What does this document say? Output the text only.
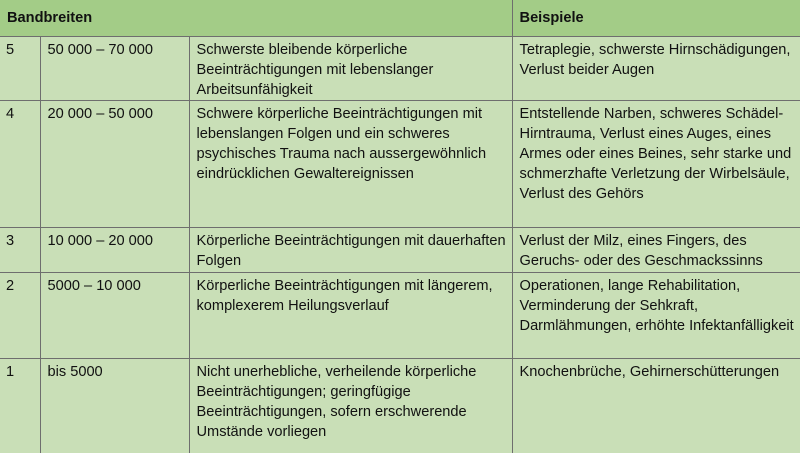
Bandbreiten			Beispiele
5	50 000 – 70 000	Schwerste bleibende körperliche Beeinträchtigungen mit lebenslanger Arbeitsunfähigkeit	Tetraplegie, schwerste Hirnschädigungen, Verlust beider Augen
4	20 000 – 50 000	Schwere körperliche Beeinträchtigungen mit lebenslangen Folgen und ein schweres psychisches Trauma nach aussergewöhnlich eindrücklichen Gewaltereignissen	Entstellende Narben, schweres Schädel-Hirntrauma, Verlust eines Auges, eines Armes oder eines Beines, sehr starke und schmerzhafte Verletzung der Wirbelsäule, Verlust des Gehörs
3	10 000 – 20 000	Körperliche Beeinträchtigungen mit dauerhaften Folgen	Verlust der Milz, eines Fingers, des Geruchs- oder des Geschmackssinns
2	5000 – 10 000	Körperliche Beeinträchtigungen mit längerem, komplexerem Heilungsverlauf	Operationen, lange Rehabilitation, Verminderung der Sehkraft, Darmlähmungen, erhöhte Infektanfälligkeit
1	bis 5000	Nicht unerhebliche, verheilende körperliche Beeinträchtigungen; geringfügige Beeinträchtigungen, sofern erschwerende Umstände vorliegen	Knochenbrüche, Gehirnerschütterungen
